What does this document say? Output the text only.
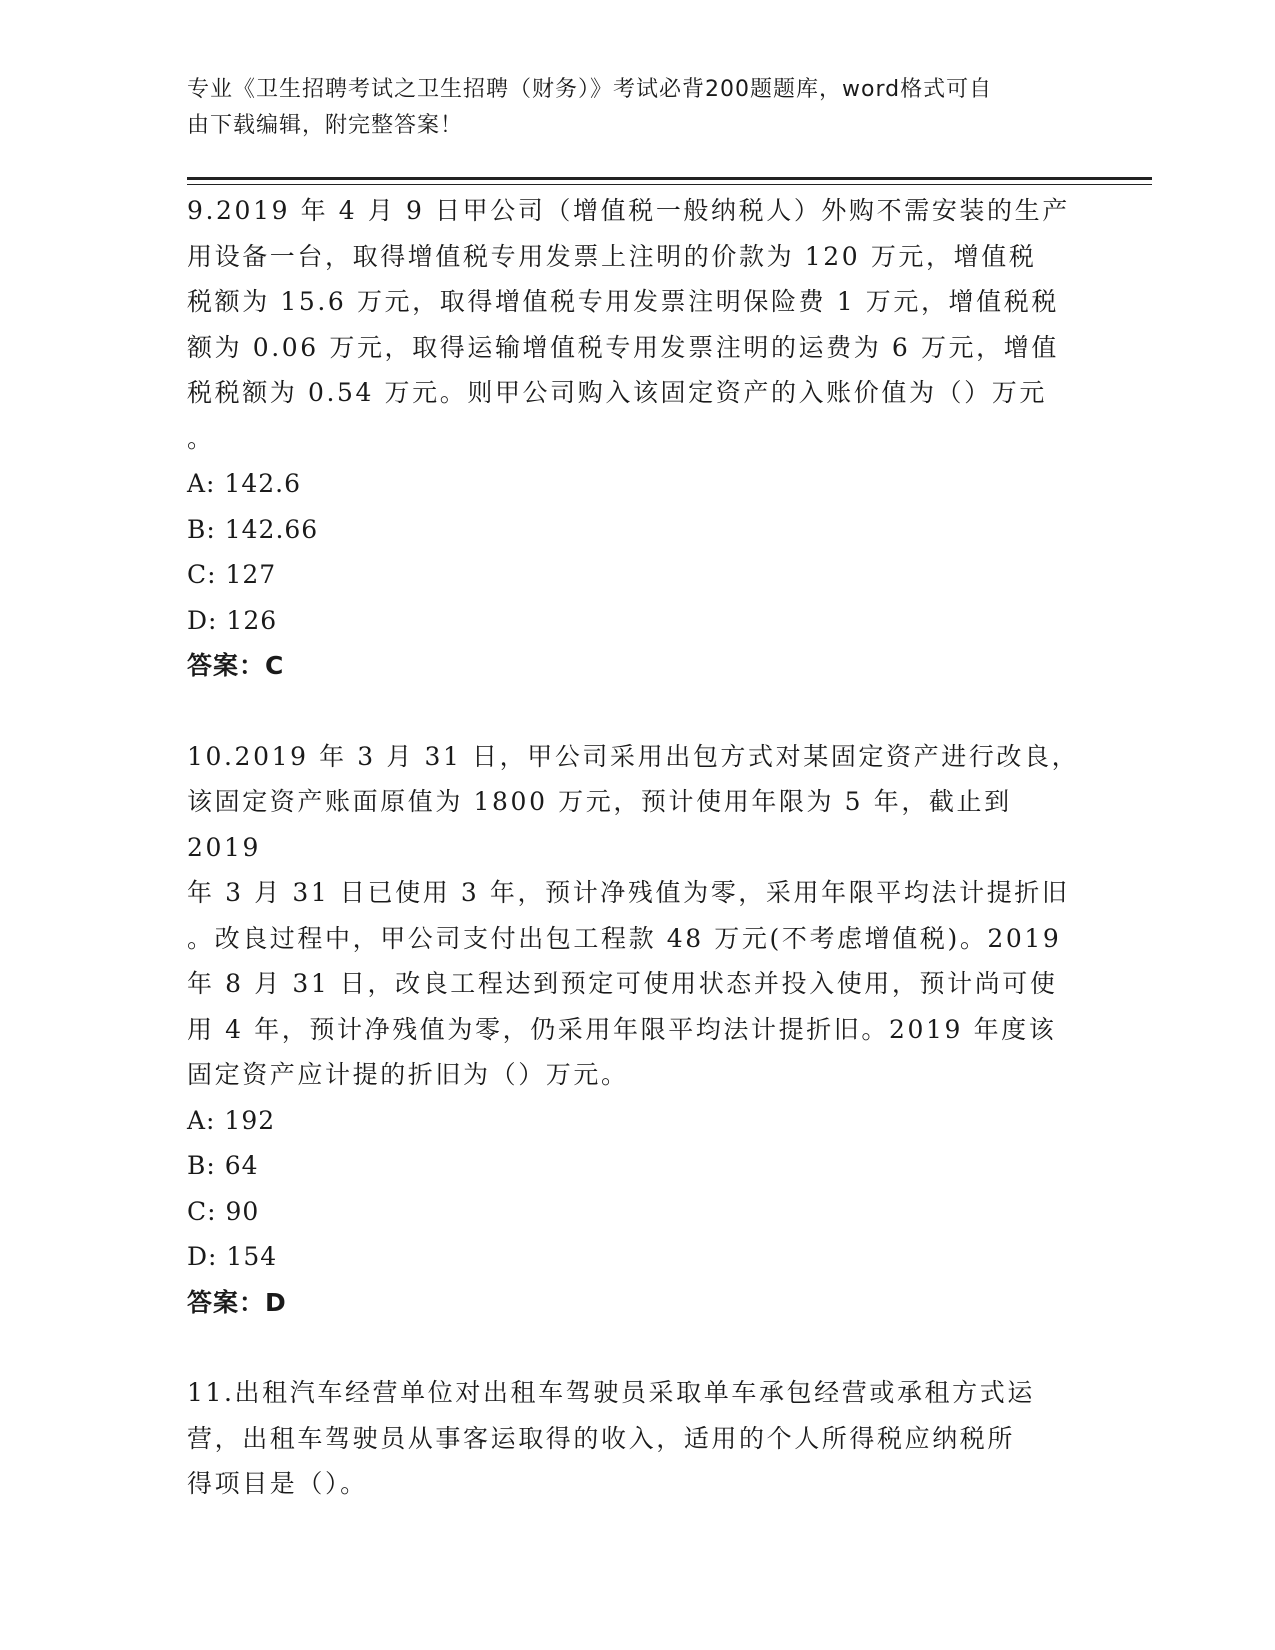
专业《卫生招聘考试之卫生招聘（财务）》考试必背200题题库，word格式可自
由下载编辑，附完整答案！

9.2019 年 4 月 9 日甲公司（增值税一般纳税人）外购不需安装的生产
用设备一台，取得增值税专用发票上注明的价款为 120 万元，增值税
税额为 15.6 万元，取得增值税专用发票注明保险费 1 万元，增值税税
额为 0.06 万元，取得运输增值税专用发票注明的运费为 6 万元，增值
税税额为 0.54 万元。则甲公司购入该固定资产的入账价值为（）万元
。

A: 142.6

B: 142.66

C: 127

D: 126

答案：C

10.2019 年 3 月 31 日，甲公司采用出包方式对某固定资产进行改良，
该固定资产账面原值为 1800 万元，预计使用年限为 5 年，截止到 2019
年 3 月 31 日已使用 3 年，预计净残值为零，采用年限平均法计提折旧
。改良过程中，甲公司支付出包工程款 48 万元(不考虑增值税)。2019
年 8 月 31 日，改良工程达到预定可使用状态并投入使用，预计尚可使
用 4 年，预计净残值为零，仍采用年限平均法计提折旧。2019 年度该
固定资产应计提的折旧为（）万元。

A: 192

B: 64

C: 90

D: 154

答案：D

11.出租汽车经营单位对出租车驾驶员采取单车承包经营或承租方式运
营，出租车驾驶员从事客运取得的收入，适用的个人所得税应纳税所
得项目是（）。
